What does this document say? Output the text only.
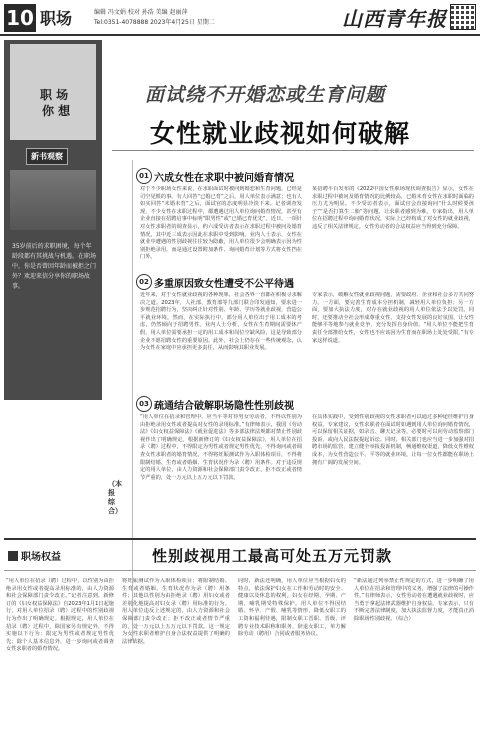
10 职场	编辑 冯文娟 校对 孙浩 美编 赵丽萍
Tel:0351-4078888 2023年4月25日 星期二	山西青年报
职 场
你 想
新书观察
35岁前后的求职困境，每个年龄段都有其挑战与机遇。在职场中，你是否曾因年龄而被拒之门外？欢迎来信分享你的职场故事。
面试绕不开婚恋或生育问题
女性就业歧视如何破解
（本报综合）
01 六成女性在求职中被问婚育情况
对于不少职场女性来说，在求职面试时被问到婚恋和生育问题，已经是司空见惯的事。有人回答“已婚已育”之后，用人单位表示满意；也有人如实回答“未婚未育”之后，面试官的态度明显冷淡下来。记者调查发现，不少女性在求职过程中，都遭遇过用人单位询问婚育情况，甚至有企业直接在招聘启事中标明“限男性”或“已婚已育优先”。近日，一项针对女性求职者的调查显示，约六成受访者表示在求职过程中被问及婚育情况，其中近三成表示因此在求职中受到影响。业内人士表示，女性在就业中遭遇的性别歧视往往较为隐蔽，用人单位很少会明确表示因为性别拒绝录用，而是通过设置附加条件、询问婚育计划等方式将女性挡在门外。
某招聘平台发布的《2022中国女性职场现状调查报告》显示，女性在求职过程中被问及婚育情况的比例较高，已婚未育女性在求职时面临的压力尤为明显。不少受访者表示，面试官会直接询问“什么时候要孩子”“是否打算生二胎”等问题，让求职者感到为难。专家指出，用人单位在招聘过程中询问婚育状况，实际上已经构成了对女性的就业歧视，违反了相关法律规定。女性劳动者的合法权益应当得到充分保障。
02 多重原因致女性遭受不公平待遇
近年来，对于女性就业歧视的各种现象，社会各界一直都在积极寻求解决之道。2023年，人社部、教育部等九部门联合印发通知，要求进一步规范招聘行为，坚决纠正针对性别、年龄、学历等就业歧视，营造公平就业环境。然而，在实际执行中，部分用人单位出于用工成本的考虑，仍然倾向于招聘男性。业内人士分析，女性在生育期间需要休产假，用人单位需要承担一定的用工成本和岗位空缺风险，这是导致部分企业不愿招聘女性的重要原因。此外，社会上仍存在一些传统观念，认为女性在家庭中应承担更多责任，从而影响其职业发展。
专家表示，破解女性就业歧视问题，需要政府、企业和社会多方共同努力。一方面，要完善生育成本分担机制，减轻用人单位负担；另一方面，要加大执法力度，对存在就业歧视的用人单位依法予以处罚。同时，还要推动全社会形成尊重女性、支持女性发展的良好氛围，让女性能够平等地参与就业竞争，充分发挥自身价值。“用人单位不能把生育责任全部推给女性，女性也不应该因为生育而在职场上处处受限。”有专家这样说道。
03 疏通结合破解职场隐性性别歧视
“用人单位在招录和管理中，应当平等对待男女劳动者，不得以性别为由拒绝录用女性或者提高对女性的录用标准。”有律师表示，我国《劳动法》《妇女权益保障法》《就业促进法》等多部法律法规都对禁止性别歧视作出了明确规定。根据新修订的《妇女权益保障法》，用人单位在招录（聘）过程中，不得限定为男性或者规定男性优先，不得询问或者调查女性求职者的婚育情况，不得将妊娠测试作为入职体检项目，不得将限制结婚、生育或者婚姻、生育状况作为录（聘）用条件。对于违反规定的用人单位，由人力资源和社会保障部门责令改正，拒不改正或者情节严重的，处一万元以上五万元以下罚款。
在具体实践中，受到性别歧视的女性求职者可以通过多种途径维护自身权益。专家建议，女性求职者在面试时如遇到用人单位询问婚育情况，可以保留相关证据，如录音、聊天记录等，必要时可以向劳动监察部门投诉，或向人民法院提起诉讼。同时，相关部门也应当进一步加强对招聘市场的监管，建立健全举报投诉机制，畅通维权渠道，降低女性维权成本，为女性营造公平、平等的就业环境，让每一位女性都能在职场上拥有广阔的发展空间。
职场权益	性别歧视用工最高可处五万元罚款
“用人单位在招录（聘）过程中，以性别为由拒绝录用女性或者提高录用标准的，由人力资源和社会保障部门责令改正。”记者注意到，新修订的《妇女权益保障法》自2023年1月1日起施行，对用人单位招录（聘）过程中的性别歧视行为作出了明确规定。根据规定，用人单位在招录（聘）过程中，除国家另有规定外，不得实施以下行为：限定为男性或者规定男性优先；除个人基本信息外，进一步询问或者调查女性求职者的婚育情况。
将妊娠测试作为入职体检项目；将限制结婚、生育或者婚姻、生育状况作为录（聘）用条件；其他以性别为由拒绝录（聘）用妇女或者差别化地提高对妇女录（聘）用标准的行为。用人单位违反上述规定的，由人力资源和社会保障部门责令改正；拒不改正或者情节严重的，处一万元以上五万元以下罚款。这一规定为女性求职者维护自身合法权益提供了明确的法律依据。
同时，新法还明确，用人单位应当根据妇女的特点，依法保护妇女在工作和劳动时的安全、健康以及休息的权利。妇女在经期、孕期、产期、哺乳期受特殊保护。用人单位不得因结婚、怀孕、产假、哺乳等情形，降低女职工的工资和福利待遇，限制女职工晋职、晋级、评聘专业技术职称和职务，辞退女职工，单方解除劳动（聘用）合同或者服务协议。
“新法通过列举禁止性规定的方式，进一步明确了用人单位在招录和管理中的义务，增强了法律的可操作性。”有律师表示，女性劳动者在遭遇就业歧视时，应当勇于拿起法律武器维护自身权益。专家表示，只有不断完善法律制度，加大执法监督力度，才能真正消除职场性别歧视。（综合）
